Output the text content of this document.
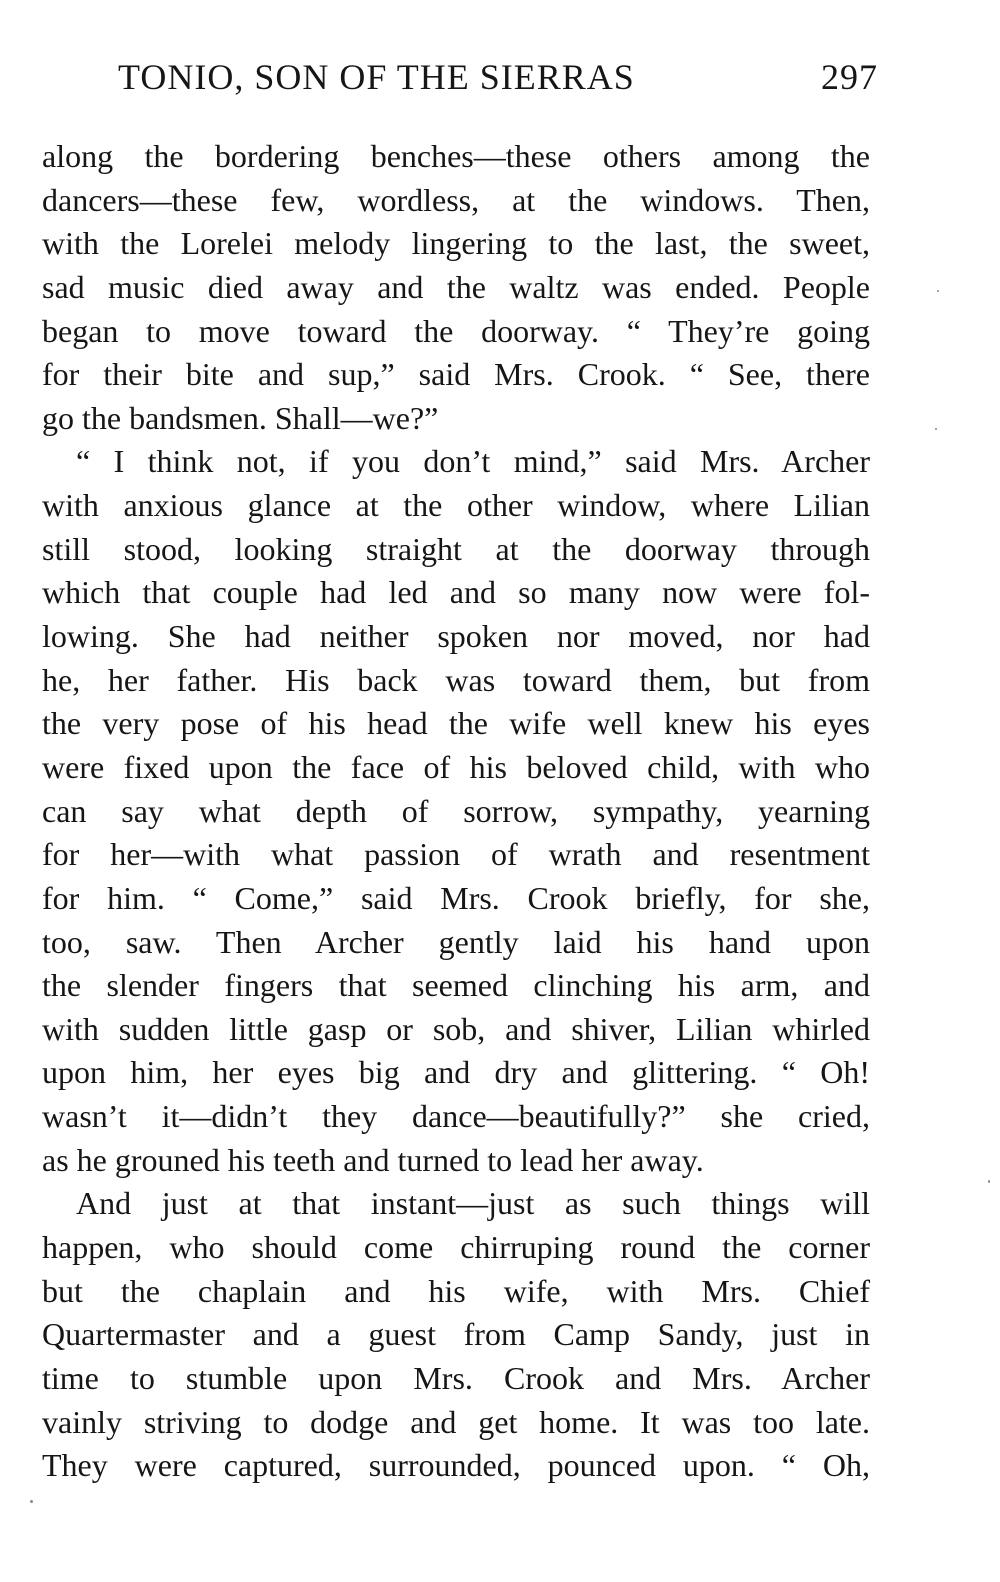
TONIO, SON OF THE SIERRAS	297
along the bordering benches—these others among the
dancers—these few, wordless, at the windows. Then,
with the Lorelei melody lingering to the last, the sweet,
sad music died away and the waltz was ended. People
began to move toward the doorway. “ They’re going
for their bite and sup,” said Mrs. Crook. “ See, there
go the bandsmen. Shall—we?”
“ I think not, if you don’t mind,” said Mrs. Archer
with anxious glance at the other window, where Lilian
still stood, looking straight at the doorway through
which that couple had led and so many now were fol-
lowing. She had neither spoken nor moved, nor had
he, her father. His back was toward them, but from
the very pose of his head the wife well knew his eyes
were fixed upon the face of his beloved child, with who
can say what depth of sorrow, sympathy, yearning
for her—with what passion of wrath and resentment
for him. “ Come,” said Mrs. Crook briefly, for she,
too, saw. Then Archer gently laid his hand upon
the slender fingers that seemed clinching his arm, and
with sudden little gasp or sob, and shiver, Lilian whirled
upon him, her eyes big and dry and glittering. “ Oh!
wasn’t it—didn’t they dance—beautifully?” she cried,
as he grouned his teeth and turned to lead her away.
And just at that instant—just as such things will
happen, who should come chirruping round the corner
but the chaplain and his wife, with Mrs. Chief
Quartermaster and a guest from Camp Sandy, just in
time to stumble upon Mrs. Crook and Mrs. Archer
vainly striving to dodge and get home. It was too late.
They were captured, surrounded, pounced upon. “ Oh,
